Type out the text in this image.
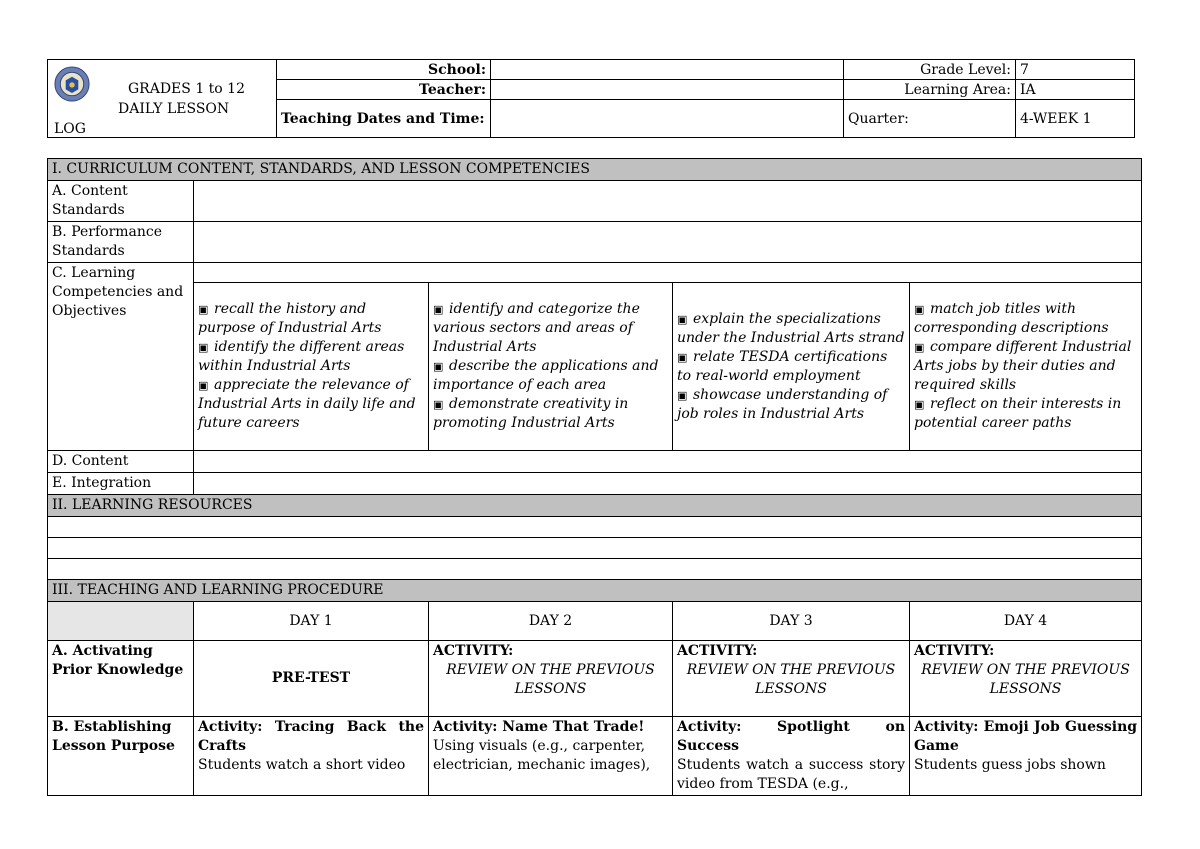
GRADES 1 to 12
DAILY LESSON
LOG	School:		Grade Level:	7
	Teacher:		Learning Area:	IA
	Teaching Dates and Time:		Quarter:	4-WEEK 1
I. CURRICULUM CONTENT, STANDARDS, AND LESSON COMPETENCIES				
A. Content Standards				
B. Performance Standards				
C. Learning Competencies and Objectives				

	▣ recall the history and purpose of Industrial Arts
▣ identify the different areas within Industrial Arts
▣ appreciate the relevance of Industrial Arts in daily life and future careers	▣ identify and categorize the various sectors and areas of Industrial Arts
▣ describe the applications and importance of each area
▣ demonstrate creativity in promoting Industrial Arts	▣ explain the specializations under the Industrial Arts strand
▣ relate TESDA certifications to real-world employment
▣ showcase understanding of job roles in Industrial Arts	▣ match job titles with corresponding descriptions
▣ compare different Industrial Arts jobs by their duties and required skills
▣ reflect on their interests in potential career paths

D. Content				
E. Integration				
II. LEARNING RESOURCES				

III. TEACHING AND LEARNING PROCEDURE				
	DAY 1	DAY 2	DAY 3	DAY 4
A. Activating Prior Knowledge	PRE-TEST	ACTIVITY:
REVIEW ON THE PREVIOUS LESSONS	ACTIVITY:
REVIEW ON THE PREVIOUS LESSONS	ACTIVITY:
REVIEW ON THE PREVIOUS LESSONS

B. Establishing Lesson Purpose	Activity: Tracing Back the Crafts
Students watch a short video	Activity: Name That Trade!
Using visuals (e.g., carpenter, electrician, mechanic images),	Activity: Spotlight on Success
Students watch a success story video from TESDA (e.g.,	Activity: Emoji Job Guessing Game
Students guess jobs shown
